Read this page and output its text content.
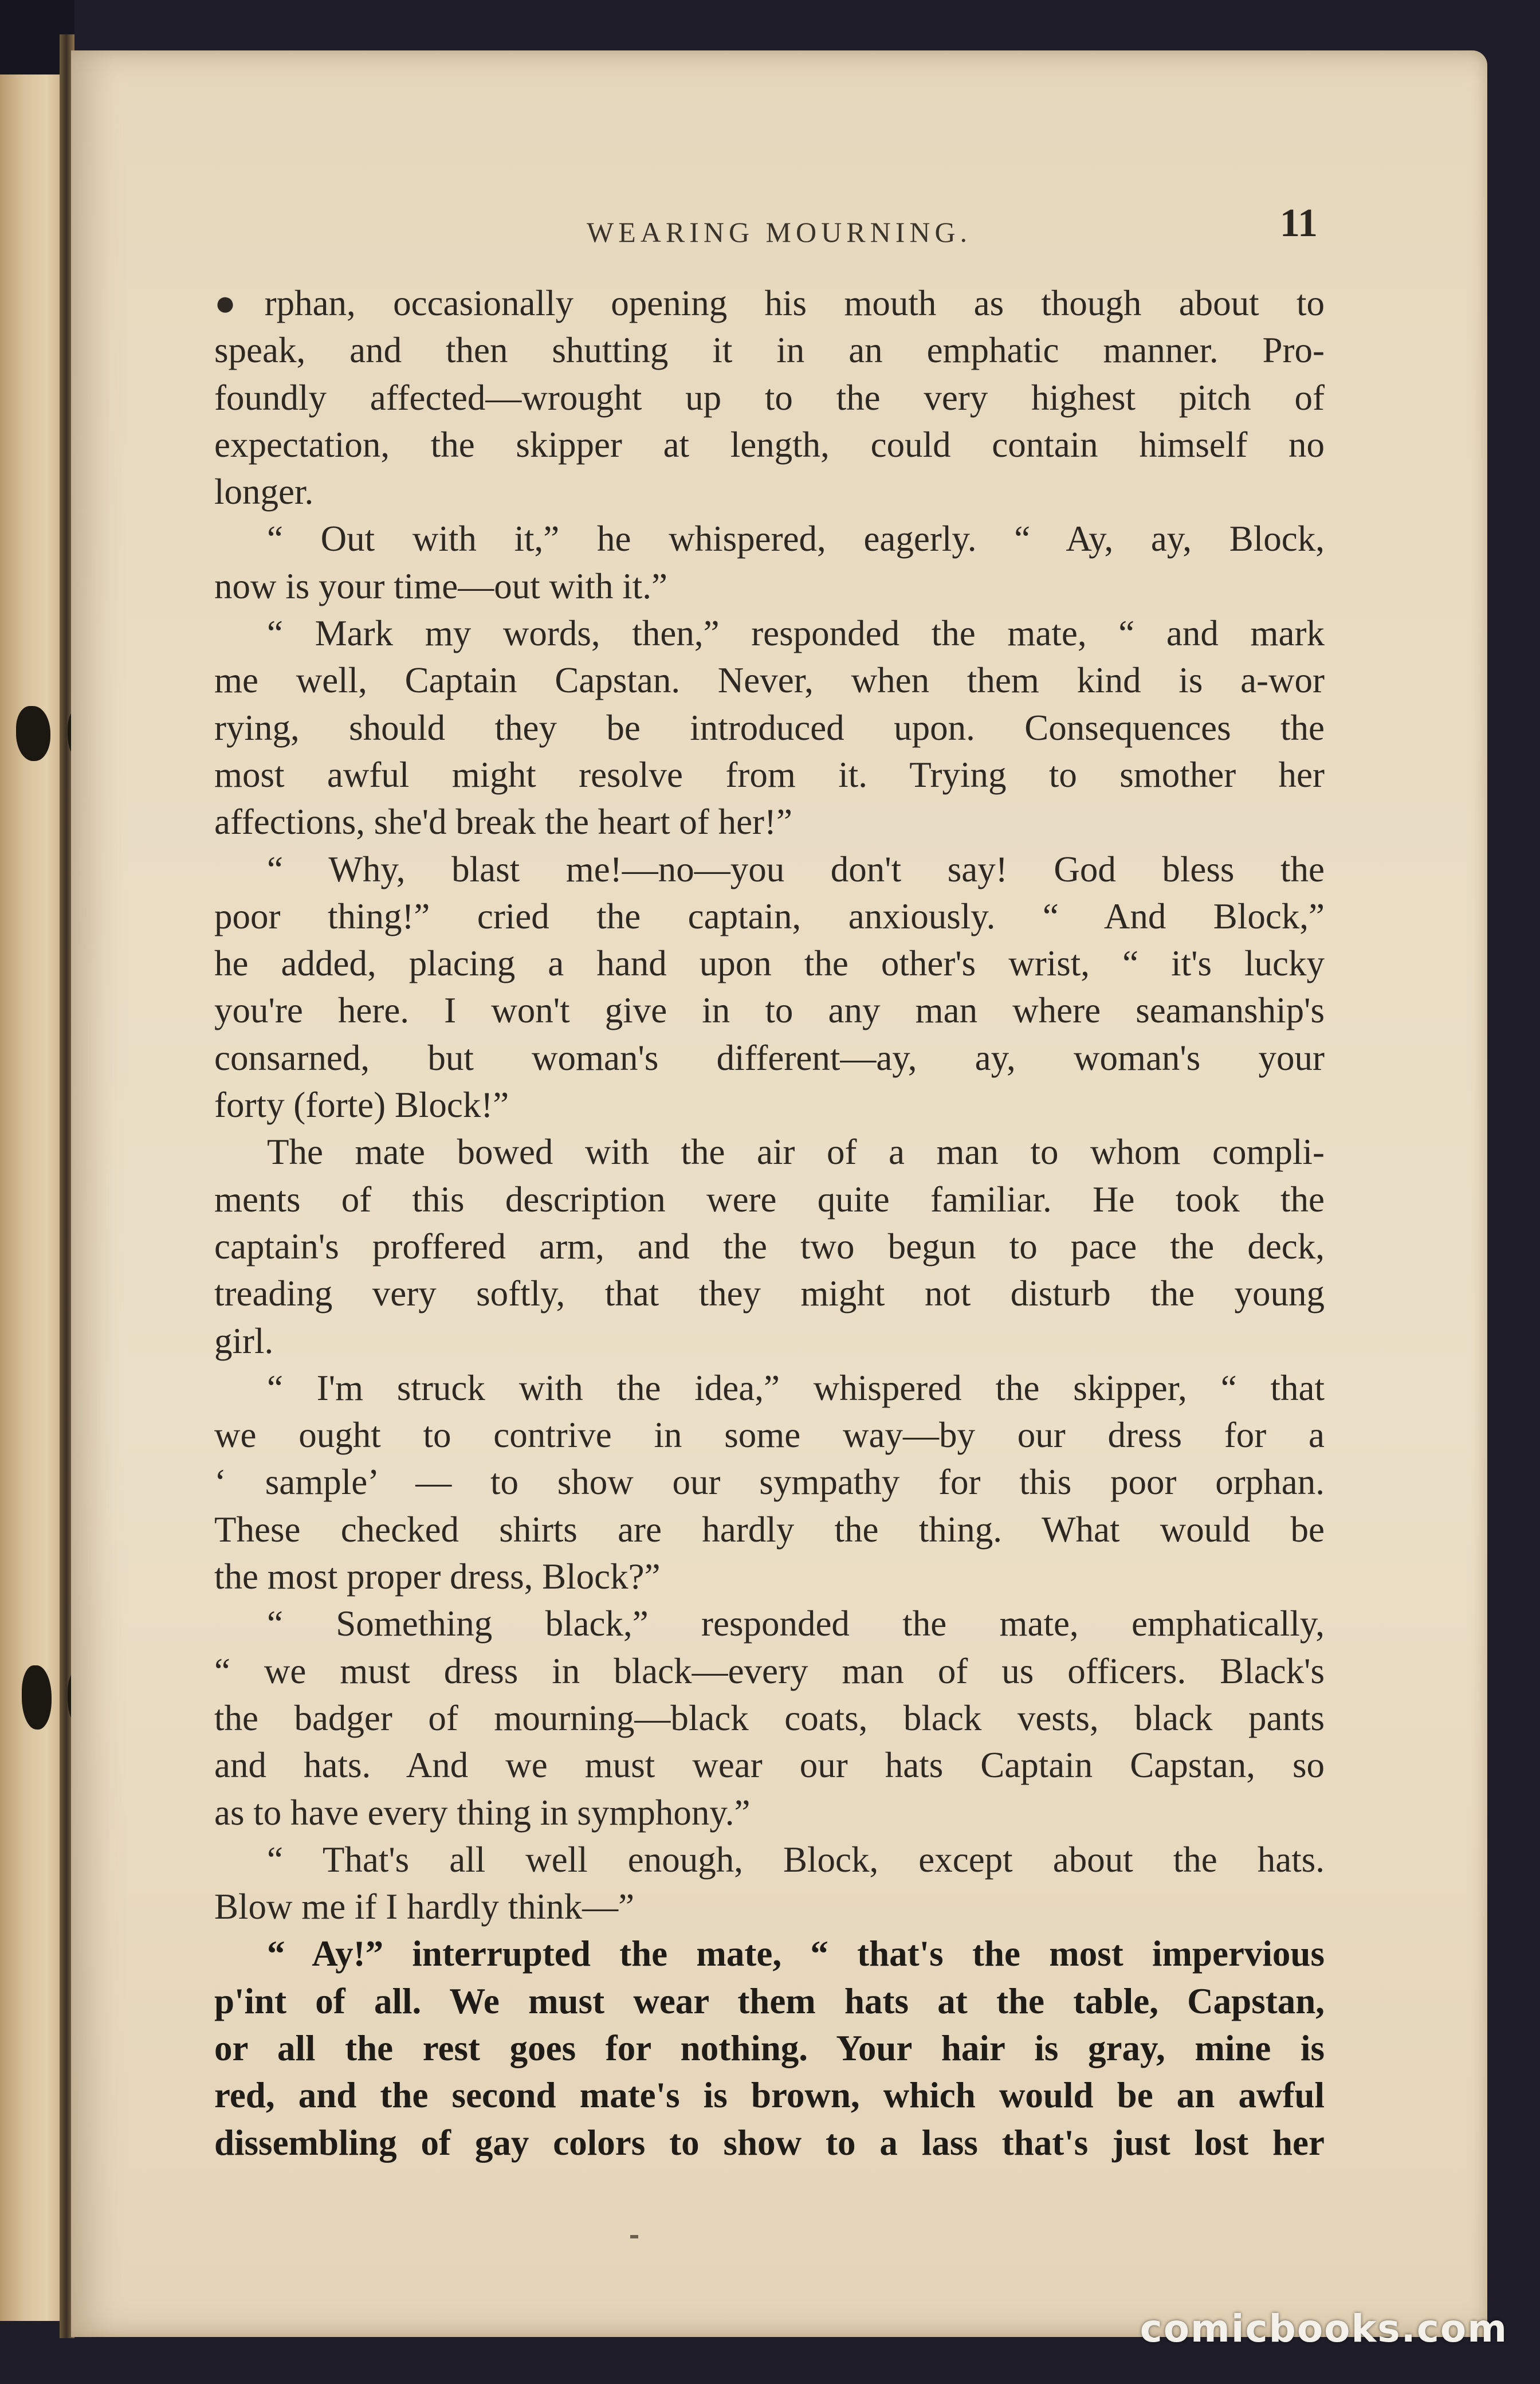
WEARING MOURNING.	11
●rphan, occasionally opening his mouth as though about to
speak, and then shutting it in an emphatic manner. Pro-
foundly affected—wrought up to the very highest pitch of
expectation, the skipper at length, could contain himself no
longer.
“ Out with it,” he whispered, eagerly. “ Ay, ay, Block,
now is your time—out with it.”
“ Mark my words, then,” responded the mate, “ and mark
me well, Captain Capstan. Never, when them kind is a-wor
rying, should they be introduced upon. Consequences the
most awful might resolve from it. Trying to smother her
affections, she'd break the heart of her!”
“ Why, blast me!—no—you don't say! God bless the
poor thing!” cried the captain, anxiously. “ And Block,”
he added, placing a hand upon the other's wrist, “ it's lucky
you're here. I won't give in to any man where seamanship's
consarned, but woman's different—ay, ay, woman's your
forty (forte) Block!”
The mate bowed with the air of a man to whom compli-
ments of this description were quite familiar. He took the
captain's proffered arm, and the two begun to pace the deck,
treading very softly, that they might not disturb the young
girl.
“ I'm struck with the idea,” whispered the skipper, “ that
we ought to contrive in some way—by our dress for a
‘ sample’ — to show our sympathy for this poor orphan.
These checked shirts are hardly the thing. What would be
the most proper dress, Block?”
“ Something black,” responded the mate, emphatically,
“ we must dress in black—every man of us officers. Black's
the badger of mourning—black coats, black vests, black pants
and hats. And we must wear our hats Captain Capstan, so
as to have every thing in symphony.”
“ That's all well enough, Block, except about the hats.
Blow me if I hardly think—”
“ Ay!” interrupted the mate, “ that's the most impervious
p'int of all. We must wear them hats at the table, Capstan,
or all the rest goes for nothing. Your hair is gray, mine is
red, and the second mate's is brown, which would be an awful
dissembling of gay colors to show to a lass that's just lost her
comicbooks.com
